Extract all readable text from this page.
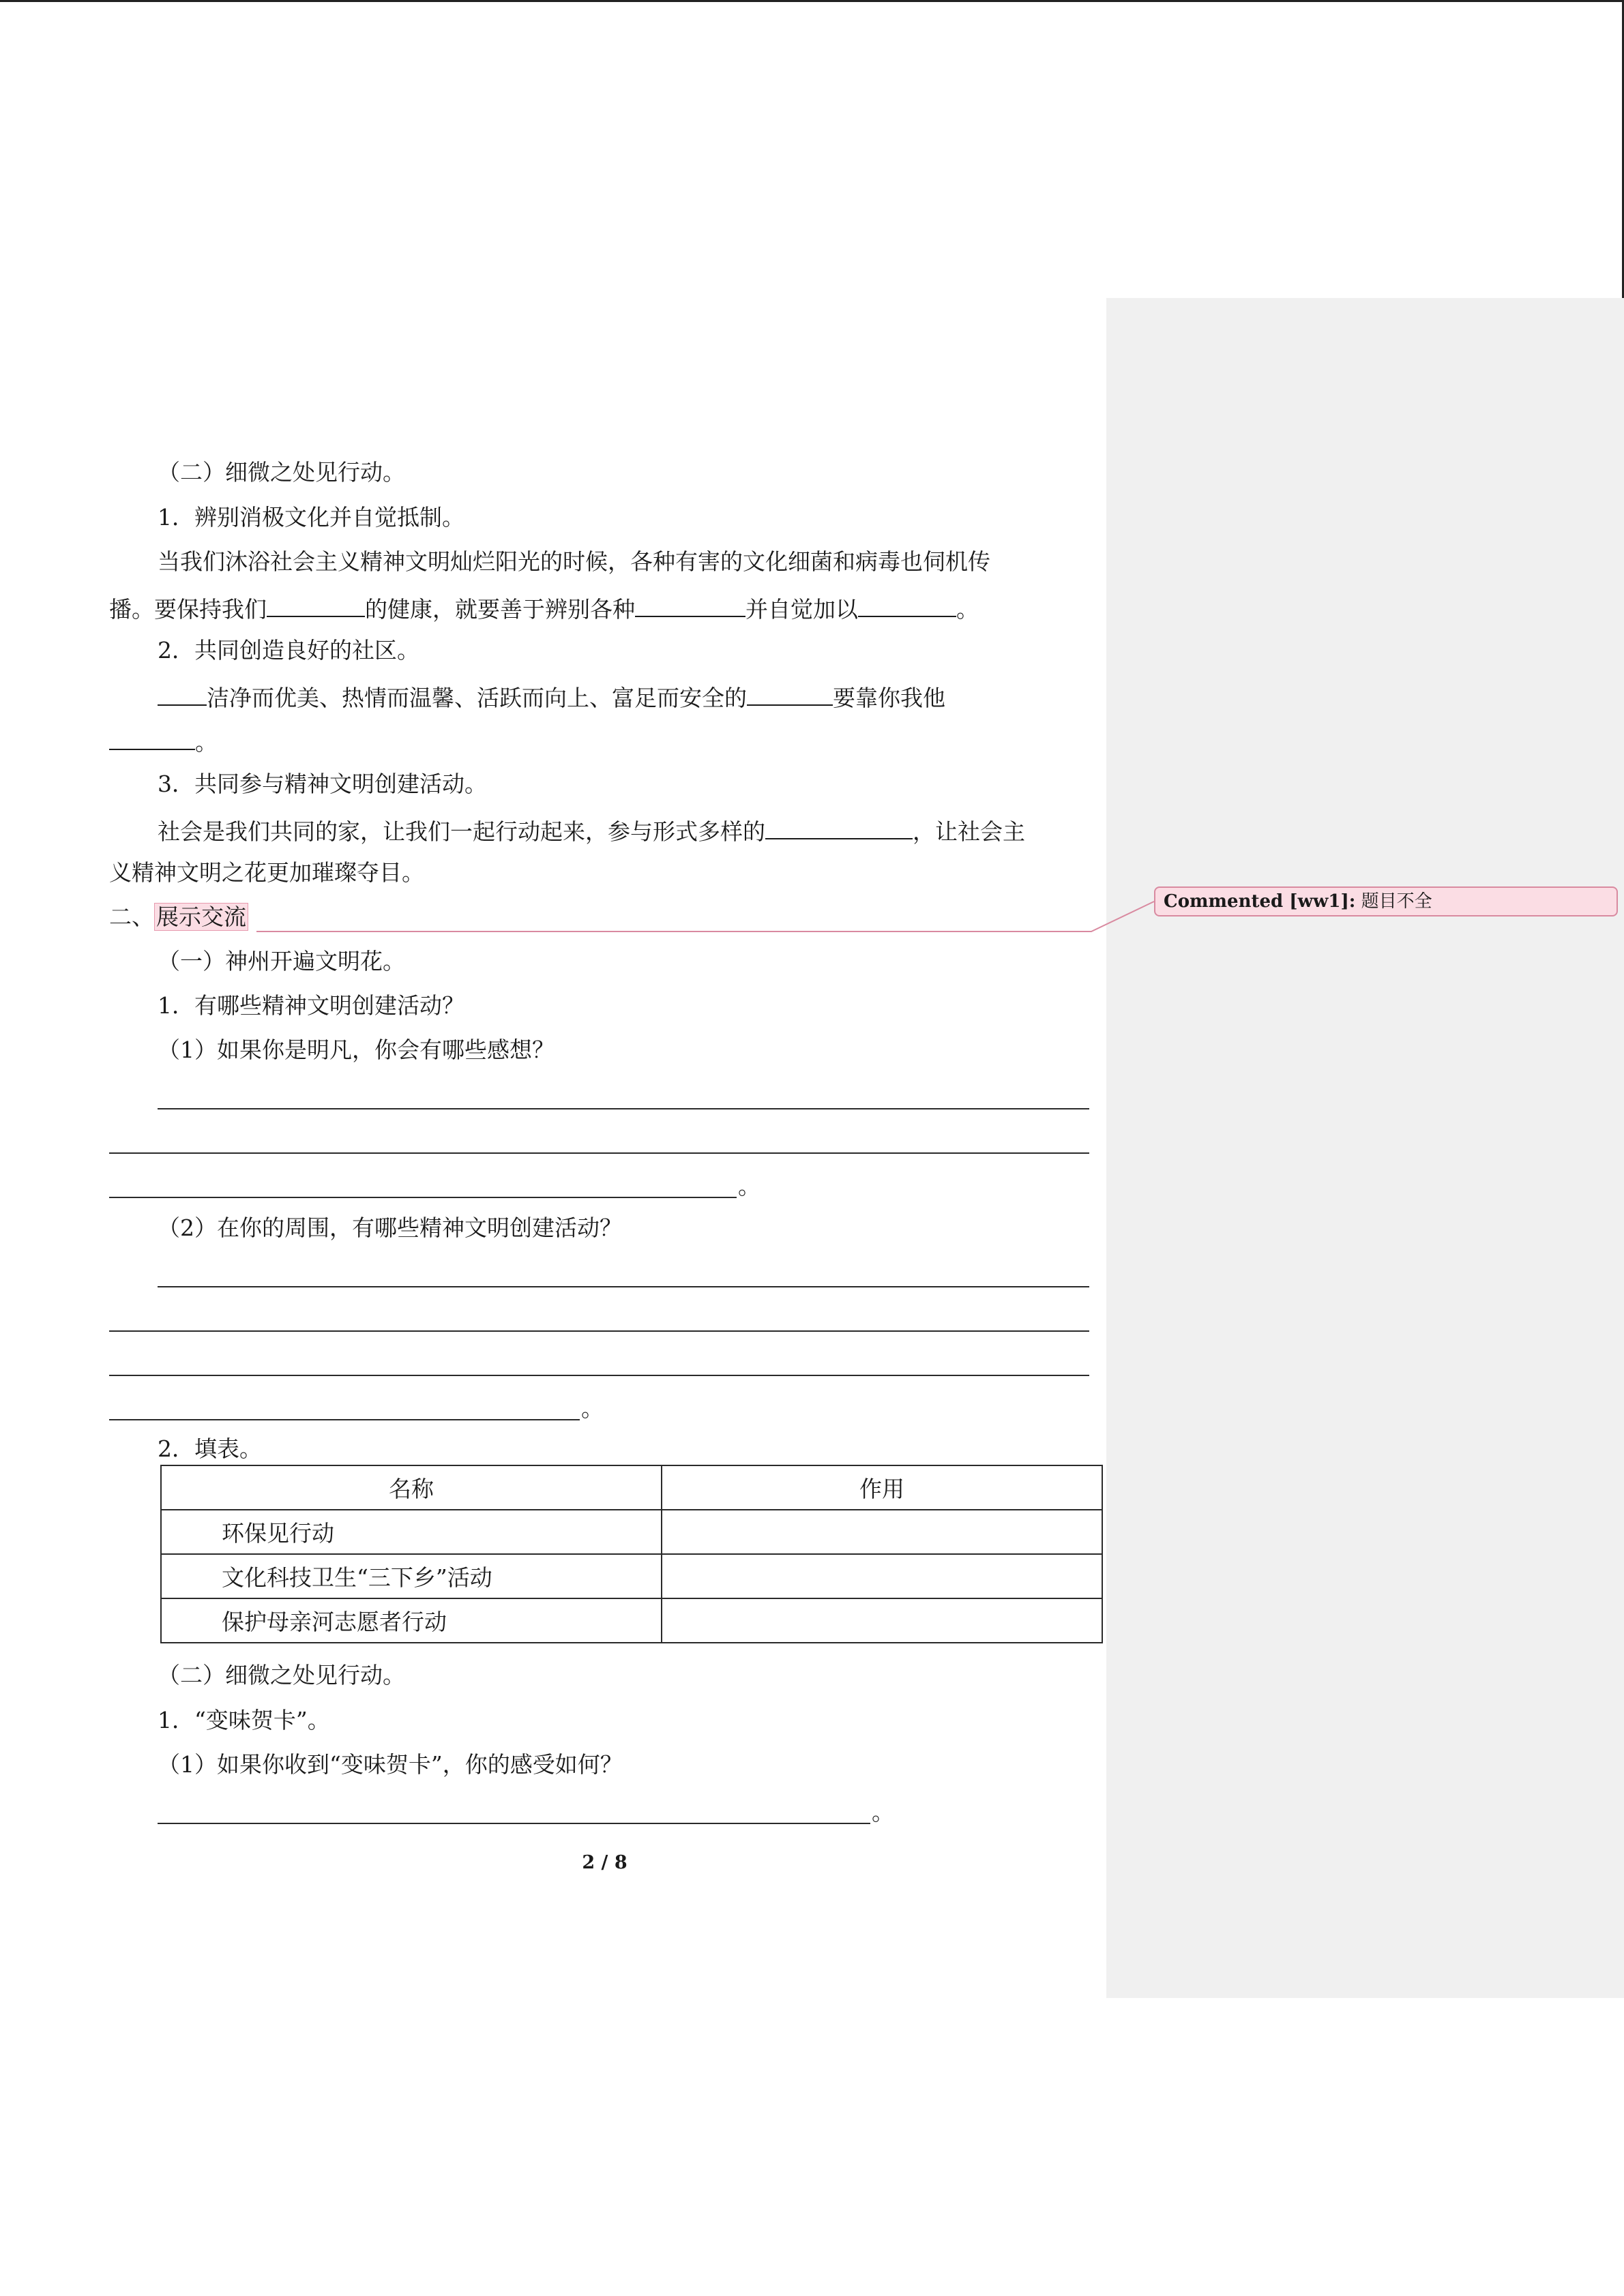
（二）细微之处见行动。
1．辨别消极文化并自觉抵制。
当我们沐浴社会主义精神文明灿烂阳光的时候，各种有害的文化细菌和病毒也伺机传
播。要保持我们	的健康，就要善于辨别各种	并自觉加以	。
2．共同创造良好的社区。
洁净而优美、热情而温馨、活跃而向上、富足而安全的	要靠你我他
。
3．共同参与精神文明创建活动。
社会是我们共同的家，让我们一起行动起来，参与形式多样的	，让社会主
义精神文明之花更加璀璨夺目。
二、展示交流
Commented [ww1]: 题目不全
（一）神州开遍文明花。
1．有哪些精神文明创建活动？
（1）如果你是明凡，你会有哪些感想？
。
（2）在你的周围，有哪些精神文明创建活动？
。
2．填表。
名称	作用
环保见行动	
文化科技卫生“三下乡”活动	
保护母亲河志愿者行动	
（二）细微之处见行动。
1．“变味贺卡”。
（1）如果你收到“变味贺卡”，你的感受如何？
。
2 / 8
